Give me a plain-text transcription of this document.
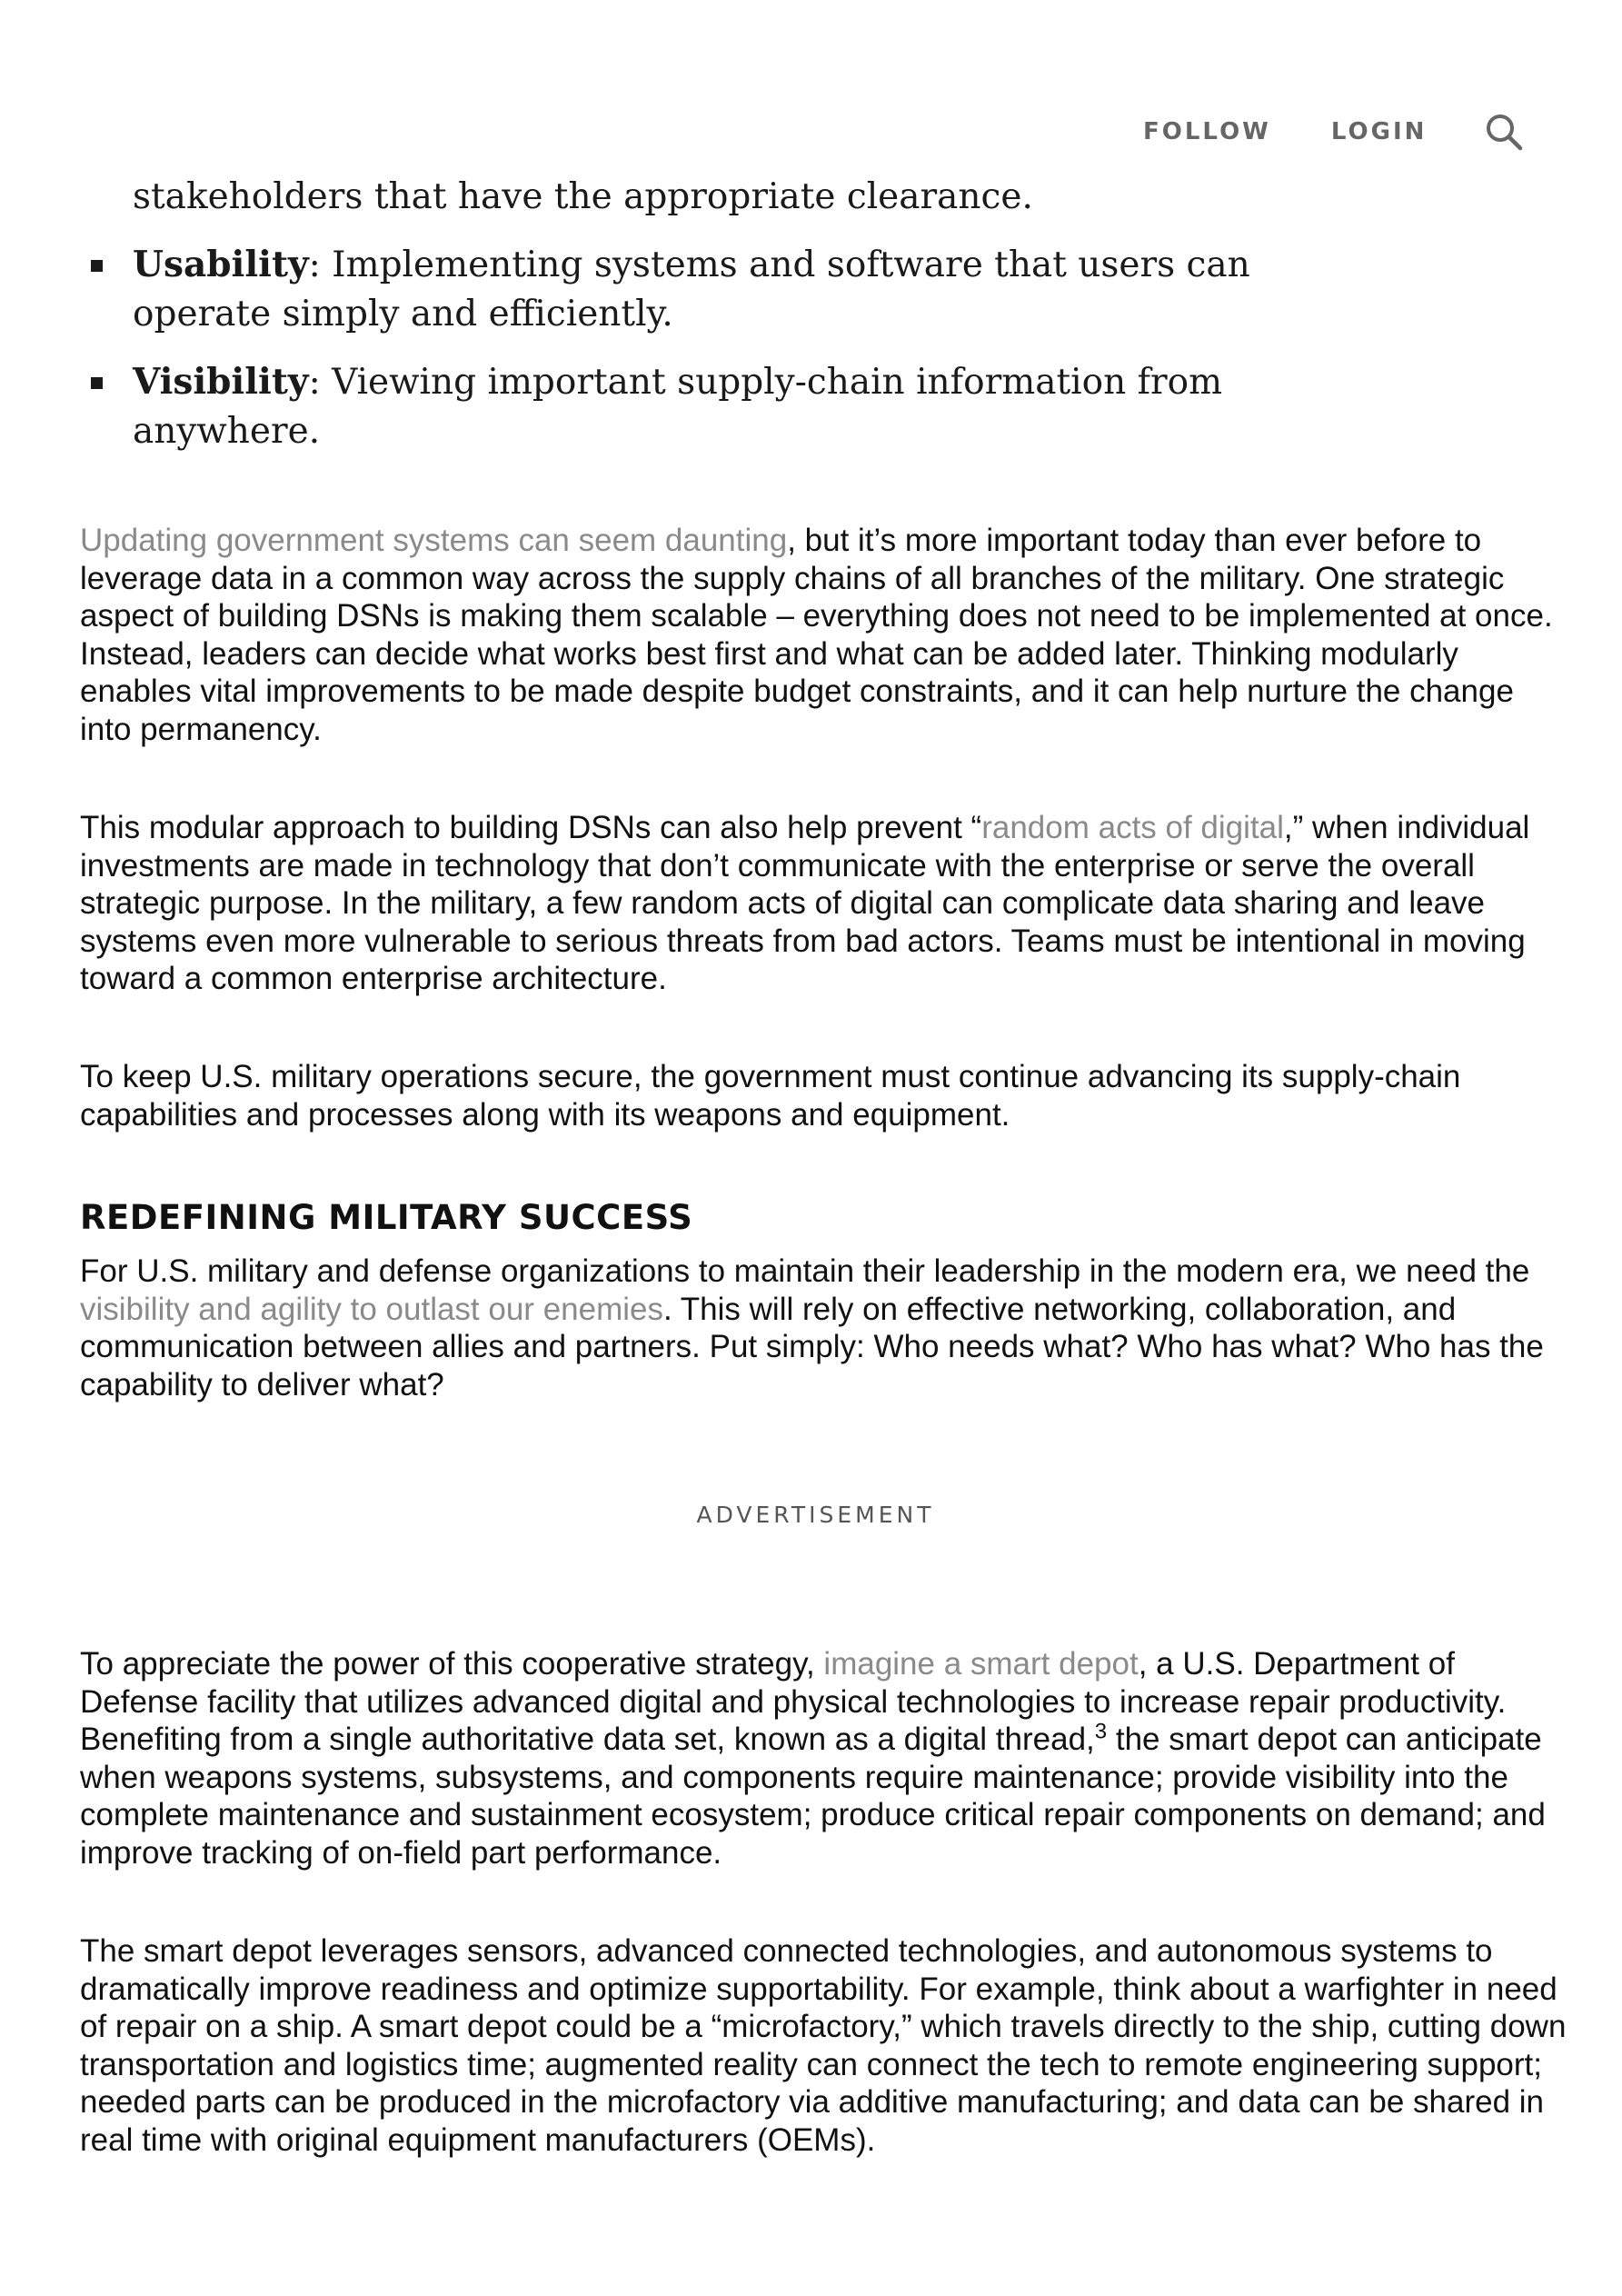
FOLLOW	LOGIN
stakeholders that have the appropriate clearance.
Usability: Implementing systems and software that users can operate simply and efficiently.
Visibility: Viewing important supply-chain information from anywhere.

Updating government systems can seem daunting, but it’s more important today than ever before to leverage data in a common way across the supply chains of all branches of the military. One strategic aspect of building DSNs is making them scalable – everything does not need to be implemented at once. Instead, leaders can decide what works best first and what can be added later. Thinking modularly enables vital improvements to be made despite budget constraints, and it can help nurture the change into permanency.

This modular approach to building DSNs can also help prevent “random acts of digital,” when individual investments are made in technology that don’t communicate with the enterprise or serve the overall strategic purpose. In the military, a few random acts of digital can complicate data sharing and leave systems even more vulnerable to serious threats from bad actors. Teams must be intentional in moving toward a common enterprise architecture.

To keep U.S. military operations secure, the government must continue advancing its supply-chain capabilities and processes along with its weapons and equipment.

REDEFINING MILITARY SUCCESS

For U.S. military and defense organizations to maintain their leadership in the modern era, we need the visibility and agility to outlast our enemies. This will rely on effective networking, collaboration, and communication between allies and partners. Put simply: Who needs what? Who has what? Who has the capability to deliver what?

ADVERTISEMENT

To appreciate the power of this cooperative strategy, imagine a smart depot, a U.S. Department of Defense facility that utilizes advanced digital and physical technologies to increase repair productivity. Benefiting from a single authoritative data set, known as a digital thread,$^3$ the smart depot can anticipate when weapons systems, subsystems, and components require maintenance; provide visibility into the complete maintenance and sustainment ecosystem; produce critical repair components on demand; and improve tracking of on-field part performance.

The smart depot leverages sensors, advanced connected technologies, and autonomous systems to dramatically improve readiness and optimize supportability. For example, think about a warfighter in need of repair on a ship. A smart depot could be a “microfactory,” which travels directly to the ship, cutting down transportation and logistics time; augmented reality can connect the tech to remote engineering support; needed parts can be produced in the microfactory via additive manufacturing; and data can be shared in real time with original equipment manufacturers (OEMs).
